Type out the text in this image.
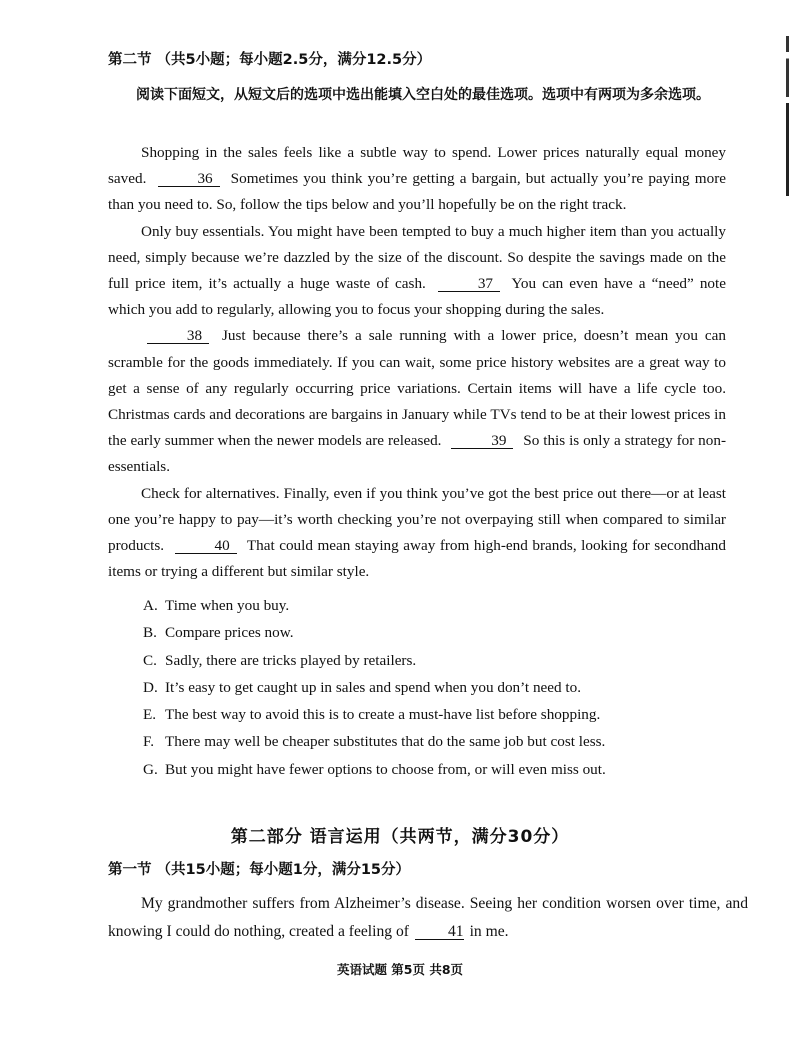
第二节 （共5小题；每小题2.5分，满分12.5分）
阅读下面短文，从短文后的选项中选出能填入空白处的最佳选项。选项中有两项为多余选项。

Shopping in the sales feels like a subtle way to spend. Lower prices naturally equal money saved.	36 Sometimes you think you’re getting a bargain, but actually you’re paying more than you need to. So, follow the tips below and you’ll hopefully be on the right track.

Only buy essentials. You might have been tempted to buy a much higher item than you actually need, simply because we’re dazzled by the size of the discount. So despite the savings made on the full price item, it’s actually a huge waste of cash.	37 You can even have a “need” note which you add to regularly, allowing you to focus your shopping during the sales.

38 Just because there’s a sale running with a lower price, doesn’t mean you can scramble for the goods immediately. If you can wait, some price history websites are a great way to get a sense of any regularly occurring price variations. Certain items will have a life cycle too. Christmas cards and decorations are bargains in January while TVs tend to be at their lowest prices in the early summer when the newer models are released.	39 So this is only a strategy for non-essentials.

Check for alternatives. Finally, even if you think you’ve got the best price out there—or at least one you’re happy to pay—it’s worth checking you’re not overpaying still when compared to similar products.	40 That could mean staying away from high-end brands, looking for secondhand items or trying a different but similar style.

A. Time when you buy.
B. Compare prices now.
C. Sadly, there are tricks played by retailers.
D. It’s easy to get caught up in sales and spend when you don’t need to.
E. The best way to avoid this is to create a must-have list before shopping.
F. There may well be cheaper substitutes that do the same job but cost less.
G. But you might have fewer options to choose from, or will even miss out.
第二部分 语言运用（共两节，满分30分）
第一节 （共15小题；每小题1分，满分15分）

My grandmother suffers from Alzheimer’s disease. Seeing her condition worsen over time, and knowing I could do nothing, created a feeling of	41 in me.

英语试题 第5页 共8页
